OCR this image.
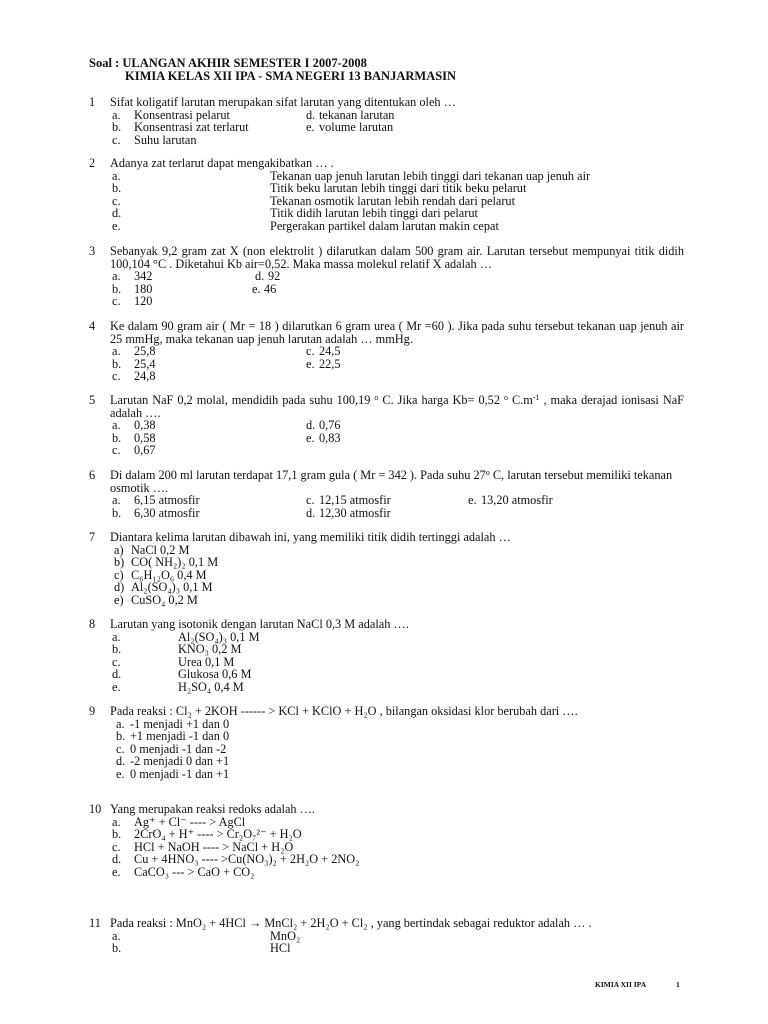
Soal : ULANGAN AKHIR SEMESTER I 2007-2008
KIMIA KELAS XII IPA - SMA NEGERI 13 BANJARMASIN
1 Sifat koligatif larutan merupakan sifat larutan yang ditentukan oleh …
a. Konsentrasi pelarut	d. tekanan larutan
b. Konsentrasi zat terlarut	e. volume larutan
c. Suhu larutan
2 Adanya zat terlarut dapat mengakibatkan … .
a.	Tekanan uap jenuh larutan lebih tinggi dari tekanan uap jenuh air
b.	Titik beku larutan lebih tinggi dari titik beku pelarut
c.	Tekanan osmotik larutan lebih rendah dari pelarut
d.	Titik didih larutan lebih tinggi dari pelarut
e.	Pergerakan partikel dalam larutan makin cepat
3 Sebanyak 9,2 gram zat X (non elektrolit ) dilarutkan dalam 500 gram air. Larutan tersebut mempunyai titik didih 100,104 °C . Diketahui Kb air=0,52. Maka massa molekul relatif X adalah …
a. 342	d. 92
b. 180	e. 46
c. 120
4 Ke dalam 90 gram air ( Mr = 18 ) dilarutkan 6 gram urea ( Mr =60 ). Jika pada suhu tersebut tekanan uap jenuh air 25 mmHg, maka tekanan uap jenuh larutan adalah … mmHg.
a. 25,8	c. 24,5
b. 25,4	e. 22,5
c. 24,8
5 Larutan NaF 0,2 molal, mendidih pada suhu 100,19 $^o$ C. Jika harga Kb= 0,52 $^o$ $C.m^{-1}$ , maka derajad ionisasi NaF adalah ….
a. 0,38	d. 0,76
b. 0,58	e. 0,83
c. 0,67
6 Di dalam 200 ml larutan terdapat 17,1 gram gula ( Mr = 342 ). Pada suhu 27$^o$ C, larutan tersebut memiliki tekanan osmotik ….
a. 6,15 atmosfir	c. 12,15 atmosfir	e. 13,20 atmosfir
b. 6,30 atmosfir	d. 12,30 atmosfir
7 Diantara kelima larutan dibawah ini, yang memiliki titik didih tertinggi adalah …
a) NaCl 0,2 M
b) CO( NH₂)₂ 0,1 M
c) C₆H₁₂O₆ 0,4 M
d) Al₂(SO₄)₃ 0,1 M
e) CuSO₄ 0,2 M
8 Larutan yang isotonik dengan larutan NaCl 0,3 M adalah ….
a.	Al₂(SO₄)₃ 0,1 M
b.	KNO₃ 0,2 M
c.	Urea 0,1 M
d.	Glukosa 0,6 M
e.	H₂SO₄ 0,4 M
9 Pada reaksi : Cl₂ + 2KOH ------ > KCl + KClO + H₂O , bilangan oksidasi klor berubah dari ….
a. -1 menjadi +1 dan 0
b. +1 menjadi -1 dan 0
c. 0 menjadi -1 dan -2
d. -2 menjadi 0 dan +1
e. 0 menjadi -1 dan +1
10 Yang merupakan reaksi redoks adalah ….
a. Ag⁺ + Cl⁻ ---- > AgCl
b. 2CrO₄ + H⁺ ---- > Cr₂O₇²⁻ + H₂O
c. HCl + NaOH ---- > NaCl + H₂O
d. Cu + 4HNO₃ ---- >Cu(NO₃)₂ + 2H₂O + 2NO₂
e. CaCO₃ --- > CaO + CO₂
11 Pada reaksi : MnO₂ + 4HCl → MnCl₂ + 2H₂O + Cl₂ , yang bertindak sebagai reduktor adalah … .
a.	MnO₂
b.	HCl
KIMIA XII IPA	1
